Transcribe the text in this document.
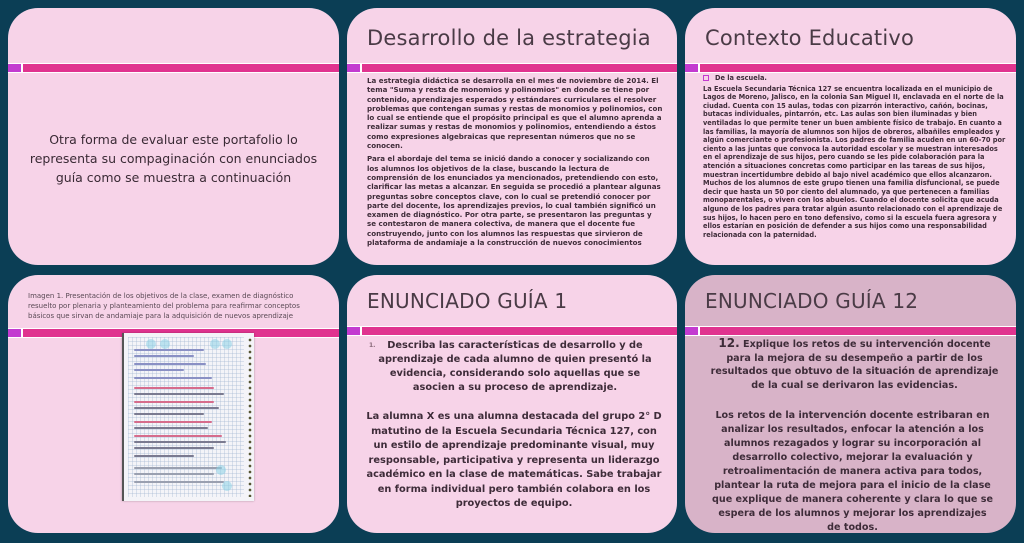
Otra forma de evaluar este portafolio lo representa su compaginación con enunciados guía como se muestra a continuación
Desarrollo de la estrategia

La estrategia didáctica se desarrolla en el mes de noviembre de 2014. El tema "Suma y resta de monomios y polinomios" en donde se tiene por contenido, aprendizajes esperados y estándares curriculares el resolver problemas que contengan sumas y restas de monomios y polinomios, con lo cual se entiende que el propósito principal es que el alumno aprenda a realizar sumas y restas de monomios y polinomios, entendiendo a éstos como expresiones algebraicas que representan números que no se conocen.

Para el abordaje del tema se inició dando a conocer y socializando con los alumnos los objetivos de la clase, buscando la lectura de comprensión de los enunciados ya mencionados, pretendiendo con esto, clarificar las metas a alcanzar. En seguida se procedió a plantear algunas preguntas sobre conceptos clave, con lo cual se pretendió conocer por parte del docente, los aprendizajes previos, lo cual también significó un examen de diagnóstico. Por otra parte, se presentaron las preguntas y se contestaron de manera colectiva, de manera que el docente fue construyendo, junto con los alumnos las respuestas que sirvieron de plataforma de andamiaje a la construcción de nuevos conocimientos

Contexto Educativo
De la escuela.

La Escuela Secundaria Técnica 127 se encuentra localizada en el municipio de Lagos de Moreno, Jalisco, en la colonia San Miguel II, enclavada en el norte de la ciudad. Cuenta con 15 aulas, todas con pizarrón interactivo, cañón, bocinas, butacas individuales, pintarrón, etc. Las aulas son bien iluminadas y bien ventiladas lo que permite tener un buen ambiente físico de trabajo. En cuanto a las familias, la mayoría de alumnos son hijos de obreros, albañiles empleados y algún comerciante o profesionista. Los padres de familia acuden en un 60-70 por ciento a las juntas que convoca la autoridad escolar y se muestran interesados en el aprendizaje de sus hijos, pero cuando se les pide colaboración para la atención a situaciones concretas como participar en las tareas de sus hijos, muestran incertidumbre debido al bajo nivel académico que ellos alcanzaron. Muchos de los alumnos de este grupo tienen una familia disfuncional, se puede decir que hasta un 50 por ciento del alumnado, ya que pertenecen a familias monoparentales, o viven con los abuelos. Cuando el docente solicita que acuda alguno de los padres para tratar algún asunto relacionado con el aprendizaje de sus hijos, lo hacen pero en tono defensivo, como si la escuela fuera agresora y ellos estarían en posición de defender a sus hijos como una responsabilidad relacionada con la paternidad.

Imagen 1. Presentación de los objetivos de la clase, examen de diagnóstico resuelto por plenaria y planteamiento del problema para reafirmar conceptos básicos que sirvan de andamiaje para la adquisición de nuevos aprendizaje
ENUNCIADO GUÍA 1
1. Describa las características de desarrollo y de aprendizaje de cada alumno de quien presentó la evidencia, considerando solo aquellas que se asocien a su proceso de aprendizaje.
La alumna X es una alumna destacada del grupo 2° D matutino de la Escuela Secundaria Técnica 127, con un estilo de aprendizaje predominante visual, muy responsable, participativa y representa un liderazgo académico en la clase de matemáticas. Sabe trabajar en forma individual pero también colabora en los proyectos de equipo.
ENUNCIADO GUÍA 12
12. Explique los retos de su intervención docente para la mejora de su desempeño a partir de los resultados que obtuvo de la situación de aprendizaje de la cual se derivaron las evidencias.
Los retos de la intervención docente estribaran en analizar los resultados, enfocar la atención a los alumnos rezagados y lograr su incorporación al desarrollo colectivo, mejorar la evaluación y retroalimentación de manera activa para todos, plantear la ruta de mejora para el inicio de la clase que explique de manera coherente y clara lo que se espera de los alumnos y mejorar los aprendizajes de todos.
